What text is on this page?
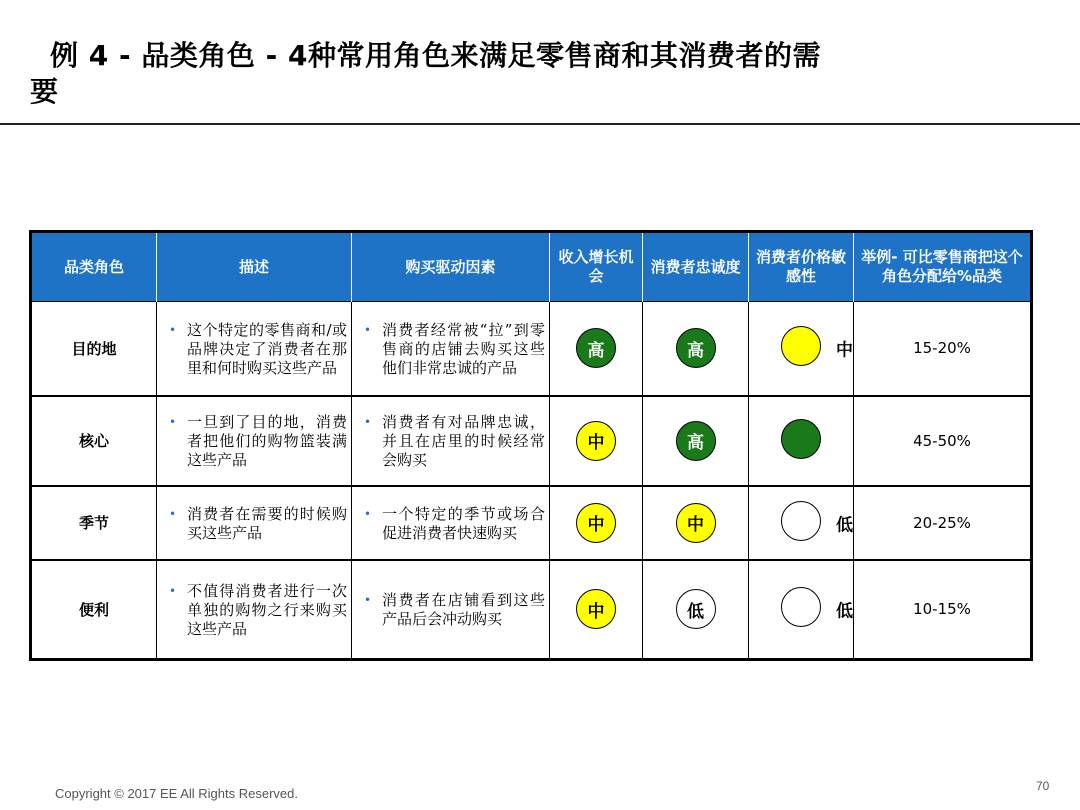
例 4 - 品类角色 - 4种常用角色来满足零售商和其消费者的需
要
品类角色	描述	购买驱动因素	收入增长机会	消费者忠诚度	消费者价格敏感性	举例- 可比零售商把这个角色分配给%品类
目的地	• 这个特定的零售商和/或品牌决定了消费者在那里和何时购买这些产品	• 消费者经常被“拉”到零售商的店铺去购买这些他们非常忠诚的产品	高	高	中	15-20%
核心	• 一旦到了目的地，消费者把他们的购物篮装满这些产品	• 消费者有对品牌忠诚，并且在店里的时候经常会购买	中	高		45-50%
季节	• 消费者在需要的时候购买这些产品	• 一个特定的季节或场合促进消费者快速购买	中	中	低	20-25%
便利	• 不值得消费者进行一次单独的购物之行来购买这些产品	• 消费者在店铺看到这些产品后会冲动购买	中	低	低	10-15%
Copyright © 2017 EE All Rights Reserved.	70
